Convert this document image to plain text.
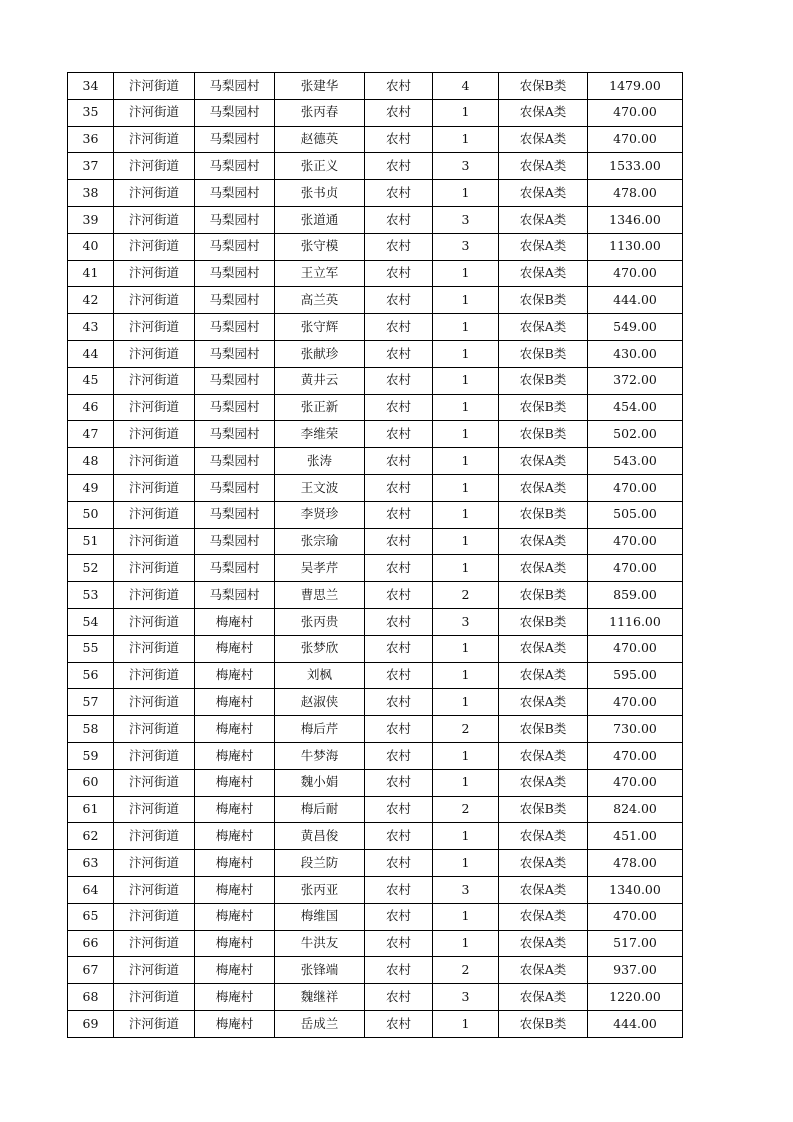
34	汴河街道	马梨园村	张建华	农村	4	农保B类	1479.00
35	汴河街道	马梨园村	张丙春	农村	1	农保A类	470.00
36	汴河街道	马梨园村	赵德英	农村	1	农保A类	470.00
37	汴河街道	马梨园村	张正义	农村	3	农保A类	1533.00
38	汴河街道	马梨园村	张书贞	农村	1	农保A类	478.00
39	汴河街道	马梨园村	张道通	农村	3	农保A类	1346.00
40	汴河街道	马梨园村	张守模	农村	3	农保A类	1130.00
41	汴河街道	马梨园村	王立军	农村	1	农保A类	470.00
42	汴河街道	马梨园村	高兰英	农村	1	农保B类	444.00
43	汴河街道	马梨园村	张守辉	农村	1	农保A类	549.00
44	汴河街道	马梨园村	张献珍	农村	1	农保B类	430.00
45	汴河街道	马梨园村	黄井云	农村	1	农保B类	372.00
46	汴河街道	马梨园村	张正新	农村	1	农保B类	454.00
47	汴河街道	马梨园村	李维荣	农村	1	农保B类	502.00
48	汴河街道	马梨园村	张涛	农村	1	农保A类	543.00
49	汴河街道	马梨园村	王文波	农村	1	农保A类	470.00
50	汴河街道	马梨园村	李贤珍	农村	1	农保B类	505.00
51	汴河街道	马梨园村	张宗瑜	农村	1	农保A类	470.00
52	汴河街道	马梨园村	吴孝芹	农村	1	农保A类	470.00
53	汴河街道	马梨园村	曹思兰	农村	2	农保B类	859.00
54	汴河街道	梅庵村	张丙贵	农村	3	农保B类	1116.00
55	汴河街道	梅庵村	张梦欣	农村	1	农保A类	470.00
56	汴河街道	梅庵村	刘枫	农村	1	农保A类	595.00
57	汴河街道	梅庵村	赵淑侠	农村	1	农保A类	470.00
58	汴河街道	梅庵村	梅后芹	农村	2	农保B类	730.00
59	汴河街道	梅庵村	牛梦海	农村	1	农保A类	470.00
60	汴河街道	梅庵村	魏小娟	农村	1	农保A类	470.00
61	汴河街道	梅庵村	梅后耐	农村	2	农保B类	824.00
62	汴河街道	梅庵村	黄昌俊	农村	1	农保A类	451.00
63	汴河街道	梅庵村	段兰防	农村	1	农保A类	478.00
64	汴河街道	梅庵村	张丙亚	农村	3	农保A类	1340.00
65	汴河街道	梅庵村	梅维国	农村	1	农保A类	470.00
66	汴河街道	梅庵村	牛洪友	农村	1	农保A类	517.00
67	汴河街道	梅庵村	张锋端	农村	2	农保A类	937.00
68	汴河街道	梅庵村	魏继祥	农村	3	农保A类	1220.00
69	汴河街道	梅庵村	岳成兰	农村	1	农保B类	444.00
